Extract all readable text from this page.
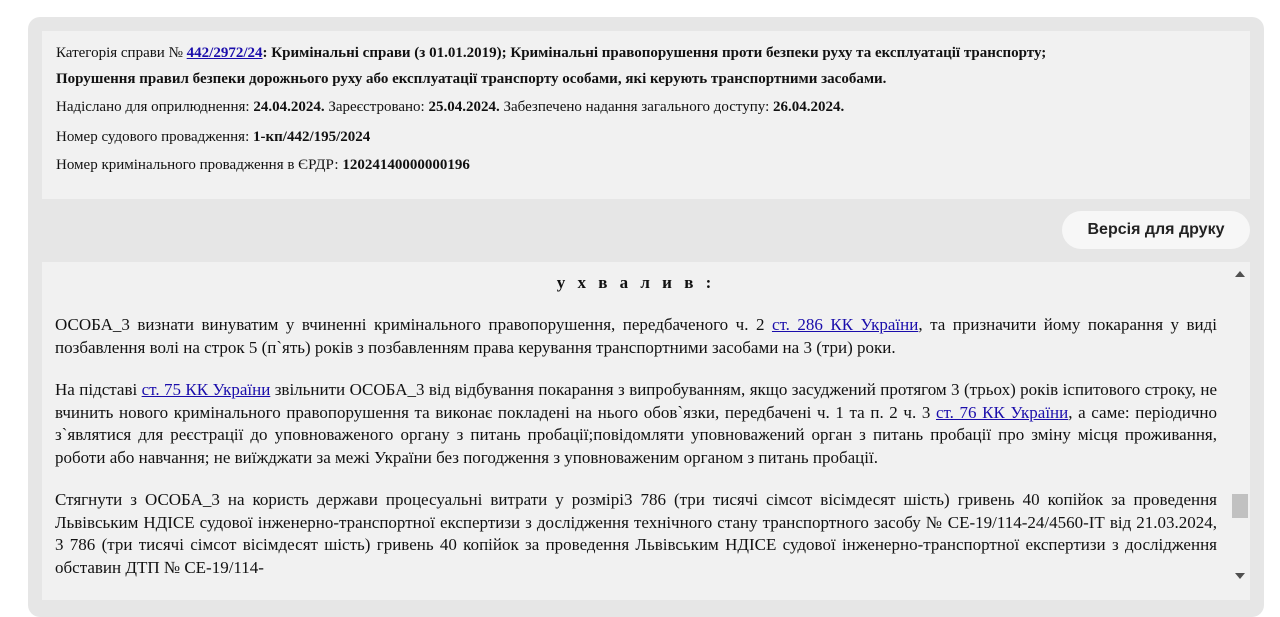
Категорія справи № 442/2972/24: Кримінальні справи (з 01.01.2019); Кримінальні правопорушення проти безпеки руху та експлуатації транспорту;
Порушення правил безпеки дорожнього руху або експлуатації транспорту особами, які керують транспортними засобами.
Надіслано для оприлюднення: 24.04.2024. Зареєстровано: 25.04.2024. Забезпечено надання загального доступу: 26.04.2024.
Номер судового провадження: 1-кп/442/195/2024
Номер кримінального провадження в ЄРДР: 12024140000000196
Версія для друку
у х в а л и в :

ОСОБА_3 визнати винуватим у вчиненні кримінального правопорушення, передбаченого ч. 2 ст. 286 КК України, та призначити йому покарання у виді позбавлення волі на строк 5 (п`ять) років з позбавленням права керування транспортними засобами на 3 (три) роки.

На підставі ст. 75 КК України звільнити ОСОБА_3 від відбування покарання з випробуванням, якщо засуджений протягом 3 (трьох) років іспитового строку, не вчинить нового кримінального правопорушення та виконає покладені на нього обов`язки, передбачені ч. 1 та п. 2 ч. 3 ст. 76 КК України, а саме: періодично з`являтися для реєстрації до уповноваженого органу з питань пробації;повідомляти уповноважений орган з питань пробації про зміну місця проживання, роботи або навчання; не виїжджати за межі України без погодження з уповноваженим органом з питань пробації.

Стягнути з ОСОБА_3 на користь держави процесуальні витрати у розмірі3 786 (три тисячі сімсот вісімдесят шість) гривень 40 копійок за проведення Львівським НДІСЕ судової інженерно-транспортної експертизи з дослідження технічного стану транспортного засобу № СЕ-19/114-24/4560-ІТ від 21.03.2024, 3 786 (три тисячі сімсот вісімдесят шість) гривень 40 копійок за проведення Львівським НДІСЕ судової інженерно-транспортної експертизи з дослідження обставин ДТП № СЕ-19/114-
